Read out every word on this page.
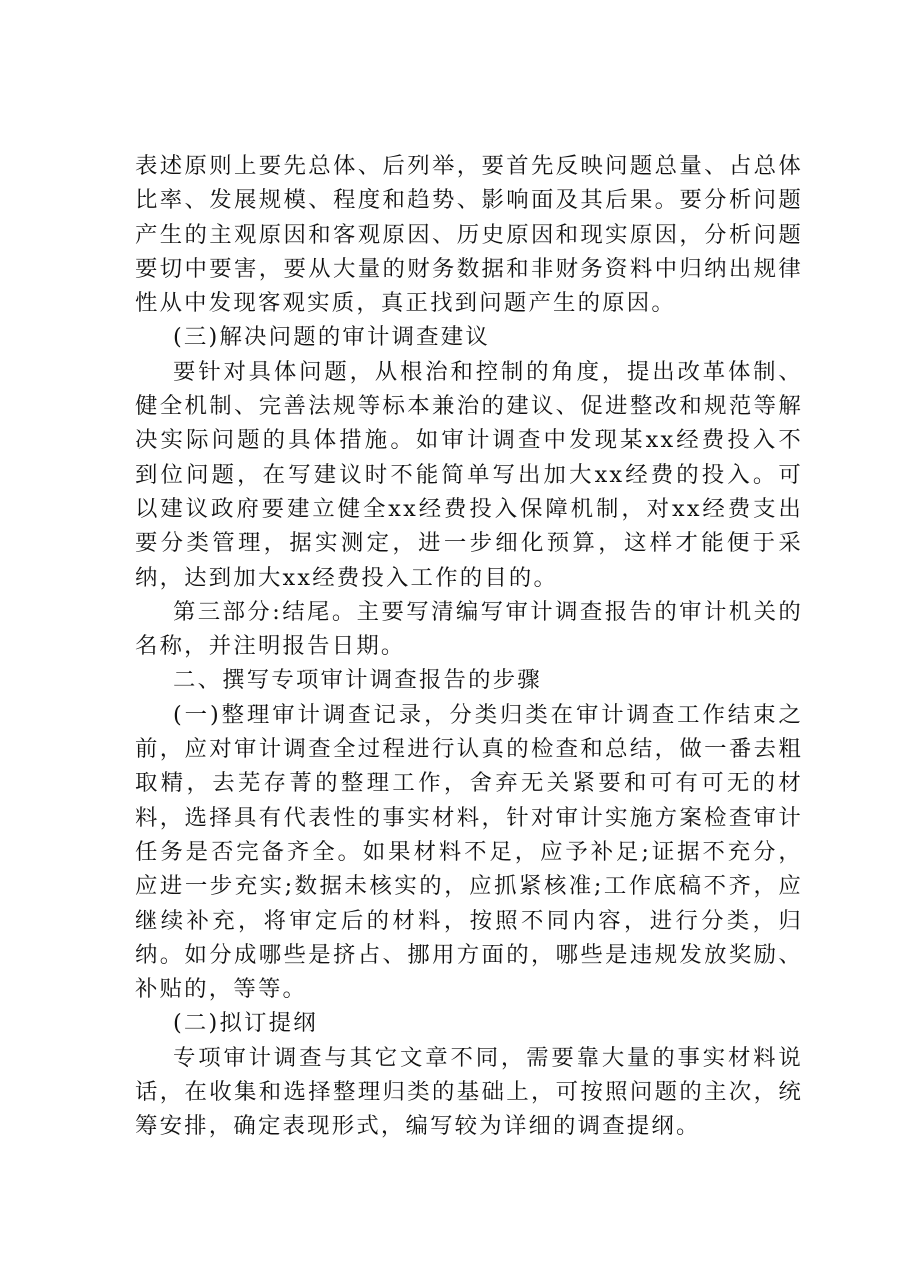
表述原则上要先总体、后列举，要首先反映问题总量、占总体比率、发展规模、程度和趋势、影响面及其后果。要分析问题产生的主观原因和客观原因、历史原因和现实原因，分析问题要切中要害，要从大量的财务数据和非财务资料中归纳出规律性从中发现客观实质，真正找到问题产生的原因。

(三)解决问题的审计调查建议

要针对具体问题，从根治和控制的角度，提出改革体制、健全机制、完善法规等标本兼治的建议、促进整改和规范等解决实际问题的具体措施。如审计调查中发现某xx经费投入不到位问题，在写建议时不能简单写出加大xx经费的投入。可以建议政府要建立健全xx经费投入保障机制，对xx经费支出要分类管理，据实测定，进一步细化预算，这样才能便于采纳，达到加大xx经费投入工作的目的。

第三部分:结尾。主要写清编写审计调查报告的审计机关的名称，并注明报告日期。

二、撰写专项审计调查报告的步骤

(一)整理审计调查记录，分类归类在审计调查工作结束之前，应对审计调查全过程进行认真的检查和总结，做一番去粗取精，去芜存菁的整理工作，舍弃无关紧要和可有可无的材料，选择具有代表性的事实材料，针对审计实施方案检查审计任务是否完备齐全。如果材料不足，应予补足;证据不充分，应进一步充实;数据未核实的，应抓紧核准;工作底稿不齐，应继续补充，将审定后的材料，按照不同内容，进行分类，归纳。如分成哪些是挤占、挪用方面的，哪些是违规发放奖励、补贴的，等等。

(二)拟订提纲

专项审计调查与其它文章不同，需要靠大量的事实材料说话，在收集和选择整理归类的基础上，可按照问题的主次，统筹安排，确定表现形式，编写较为详细的调查提纲。
